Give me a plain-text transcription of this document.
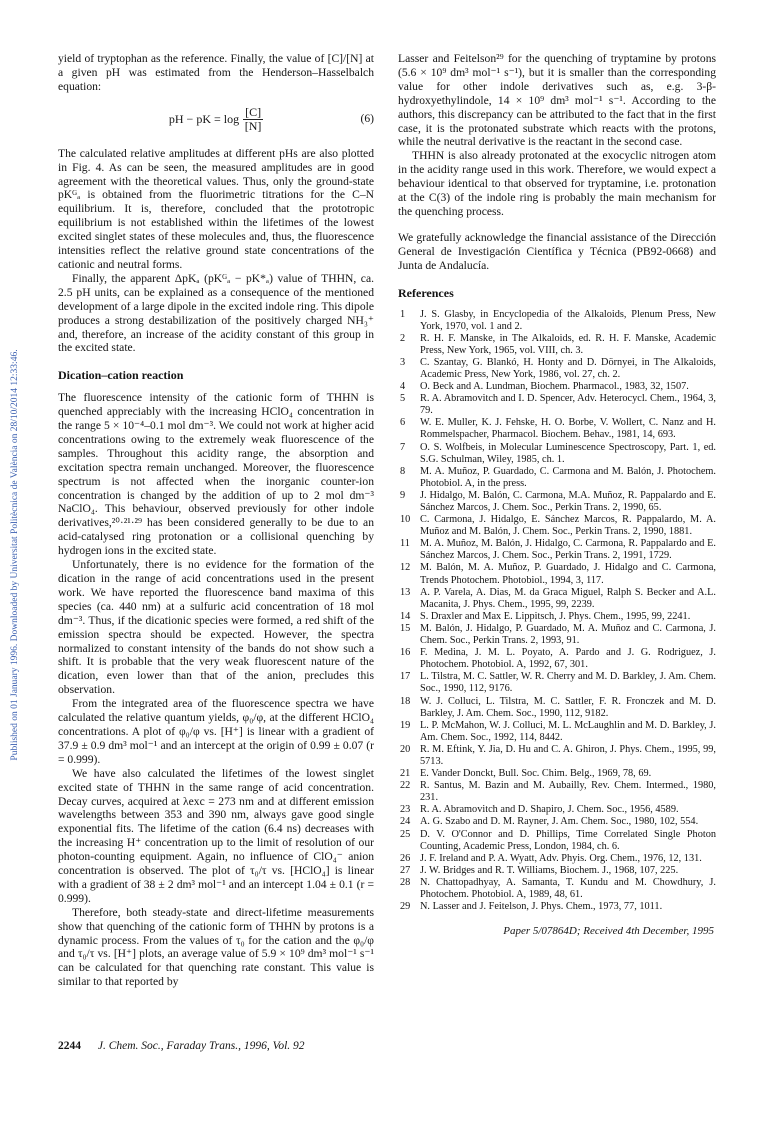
Published on 01 January 1996. Downloaded by Universitat Politècnica de València on 28/10/2014 12:33:46.

yield of tryptophan as the reference. Finally, the value of [C]/[N] at a given pH was estimated from the Henderson–Hasselbalch equation:

pH − pK = $\log \frac{[C]}{[N]}$	(6)

The calculated relative amplitudes at different pHs are also plotted in Fig. 4. As can be seen, the measured amplitudes are in good agreement with the theoretical values. Thus, only the ground-state pKᴳₐ is obtained from the fluorimetric titrations for the C–N equilibrium. It is, therefore, concluded that the prototropic equilibrium is not established within the lifetimes of the lowest excited singlet states of these molecules and, thus, the fluorescence intensities reflect the relative ground state concentrations of the cationic and neutral forms.

Finally, the apparent ΔpKₐ (pKᴳₐ − pK*ₐ) value of THHN, ca. 2.5 pH units, can be explained as a consequence of the mentioned development of a large dipole in the excited indole ring. This dipole produces a strong destabilization of the positively charged NH₃⁺ and, therefore, an increase of the acidity constant of this group in the excited state.

Dication–cation reaction

The fluorescence intensity of the cationic form of THHN is quenched appreciably with the increasing HClO₄ concentration in the range 5 × 10⁻⁴–0.1 mol dm⁻³. We could not work at higher acid concentrations owing to the extremely weak fluorescence of the samples. Throughout this acidity range, the absorption and excitation spectra remain unchanged. Moreover, the fluorescence spectrum is not affected when the inorganic counter-ion concentration is changed by the addition of up to 2 mol dm⁻³ NaClO₄. This behaviour, observed previously for other indole derivatives,²⁰·²¹·²⁹ has been considered generally to be due to an acid-catalysed ring protonation or a collisional quenching by hydrogen ions in the excited state.

Unfortunately, there is no evidence for the formation of the dication in the range of acid concentrations used in the present work. We have reported the fluorescence band maxima of this species (ca. 440 nm) at a sulfuric acid concentration of 18 mol dm⁻³. Thus, if the dicationic species were formed, a red shift of the emission spectra should be expected. However, the spectra normalized to constant intensity of the bands do not show such a shift. It is probable that the very weak fluorescent nature of the dication, even lower than that of the anion, precludes this observation.

From the integrated area of the fluorescence spectra we have calculated the relative quantum yields, φ₀/φ, at the different HClO₄ concentrations. A plot of φ₀/φ vs. [H⁺] is linear with a gradient of 37.9 ± 0.9 dm³ mol⁻¹ and an intercept at the origin of 0.99 ± 0.07 (r = 0.999).

We have also calculated the lifetimes of the lowest singlet excited state of THHN in the same range of acid concentration. Decay curves, acquired at λexc = 273 nm and at different emission wavelengths between 353 and 390 nm, always gave good single exponential fits. The lifetime of the cation (6.4 ns) decreases with the increasing H⁺ concentration up to the limit of resolution of our photon-counting equipment. Again, no influence of ClO₄⁻ anion concentration is observed. The plot of τ₀/τ vs. [HClO₄] is linear with a gradient of 38 ± 2 dm³ mol⁻¹ and an intercept 1.04 ± 0.1 (r = 0.999).

Therefore, both steady-state and direct-lifetime measurements show that quenching of the cationic form of THHN by protons is a dynamic process. From the values of τ₀ for the cation and the φ₀/φ and τ₀/τ vs. [H⁺] plots, an average value of 5.9 × 10⁹ dm³ mol⁻¹ s⁻¹ can be calculated for that quenching rate constant. This value is similar to that reported by

Lasser and Feitelson²⁹ for the quenching of tryptamine by protons (5.6 × 10⁹ dm³ mol⁻¹ s⁻¹), but it is smaller than the corresponding value for other indole derivatives such as, e.g. 3-β-hydroxyethylindole, 14 × 10⁹ dm³ mol⁻¹ s⁻¹. According to the authors, this discrepancy can be attributed to the fact that in the first case, it is the protonated substrate which reacts with the protons, while the neutral derivative is the reactant in the second case.

THHN is also already protonated at the exocyclic nitrogen atom in the acidity range used in this work. Therefore, we would expect a behaviour identical to that observed for tryptamine, i.e. protonation at the C(3) of the indole ring is probably the main mechanism for the quenching process.

We gratefully acknowledge the financial assistance of the Dirección General de Investigación Científica y Técnica (PB92-0668) and Junta de Andalucía.

References
1	J. S. Glasby, in Encyclopedia of the Alkaloids, Plenum Press, New York, 1970, vol. 1 and 2.
2	R. H. F. Manske, in The Alkaloids, ed. R. H. F. Manske, Academic Press, New York, 1965, vol. VIII, ch. 3.
3	C. Szantay, G. Blankó, H. Honty and D. Dörnyei, in The Alkaloids, Academic Press, New York, 1986, vol. 27, ch. 2.
4	O. Beck and A. Lundman, Biochem. Pharmacol., 1983, 32, 1507.
5	R. A. Abramovitch and I. D. Spencer, Adv. Heterocycl. Chem., 1964, 3, 79.
6	W. E. Muller, K. J. Fehske, H. O. Borbe, V. Wollert, C. Nanz and H. Rommelspacher, Pharmacol. Biochem. Behav., 1981, 14, 693.
7	O. S. Wolfbeis, in Molecular Luminescence Spectroscopy, Part. 1, ed. S.G. Schulman, Wiley, 1985, ch. 1.
8	M. A. Muñoz, P. Guardado, C. Carmona and M. Balón, J. Photochem. Photobiol. A, in the press.
9	J. Hidalgo, M. Balón, C. Carmona, M.A. Muñoz, R. Pappalardo and E. Sánchez Marcos, J. Chem. Soc., Perkin Trans. 2, 1990, 65.
10 C. Carmona, J. Hidalgo, E. Sánchez Marcos, R. Pappalardo, M. A. Muñoz and M. Balón, J. Chem. Soc., Perkin Trans. 2, 1990, 1881.
11 M. A. Muñoz, M. Balón, J. Hidalgo, C. Carmona, R. Pappalardo and E. Sánchez Marcos, J. Chem. Soc., Perkin Trans. 2, 1991, 1729.
12 M. Balón, M. A. Muñoz, P. Guardado, J. Hidalgo and C. Carmona, Trends Photochem. Photobiol., 1994, 3, 117.
13 A. P. Varela, A. Dias, M. da Graca Miguel, Ralph S. Becker and A.L. Macanita, J. Phys. Chem., 1995, 99, 2239.
14 S. Draxler and Max E. Lippitsch, J. Phys. Chem., 1995, 99, 2241.
15 M. Balón, J. Hidalgo, P. Guardado, M. A. Muñoz and C. Carmona, J. Chem. Soc., Perkin Trans. 2, 1993, 91.
16 F. Medina, J. M. L. Poyato, A. Pardo and J. G. Rodriguez, J. Photochem. Photobiol. A, 1992, 67, 301.
17 L. Tilstra, M. C. Sattler, W. R. Cherry and M. D. Barkley, J. Am. Chem. Soc., 1990, 112, 9176.
18 W. J. Colluci, L. Tilstra, M. C. Sattler, F. R. Fronczek and M. D. Barkley, J. Am. Chem. Soc., 1990, 112, 9182.
19 L. P. McMahon, W. J. Colluci, M. L. McLaughlin and M. D. Barkley, J. Am. Chem. Soc., 1992, 114, 8442.
20 R. M. Eftink, Y. Jia, D. Hu and C. A. Ghiron, J. Phys. Chem., 1995, 99, 5713.
21 E. Vander Donckt, Bull. Soc. Chim. Belg., 1969, 78, 69.
22 R. Santus, M. Bazin and M. Aubailly, Rev. Chem. Intermed., 1980, 231.
23 R. A. Abramovitch and D. Shapiro, J. Chem. Soc., 1956, 4589.
24 A. G. Szabo and D. M. Rayner, J. Am. Chem. Soc., 1980, 102, 554.
25 D. V. O'Connor and D. Phillips, Time Correlated Single Photon Counting, Academic Press, London, 1984, ch. 6.
26 J. F. Ireland and P. A. Wyatt, Adv. Phyis. Org. Chem., 1976, 12, 131.
27 J. W. Bridges and R. T. Williams, Biochem. J., 1968, 107, 225.
28 N. Chattopadhyay, A. Samanta, T. Kundu and M. Chowdhury, J. Photochem. Photobiol. A, 1989, 48, 61.
29 N. Lasser and J. Feitelson, J. Phys. Chem., 1973, 77, 1011.
Paper 5/07864D; Received 4th December, 1995
2244 J. Chem. Soc., Faraday Trans., 1996, Vol. 92
